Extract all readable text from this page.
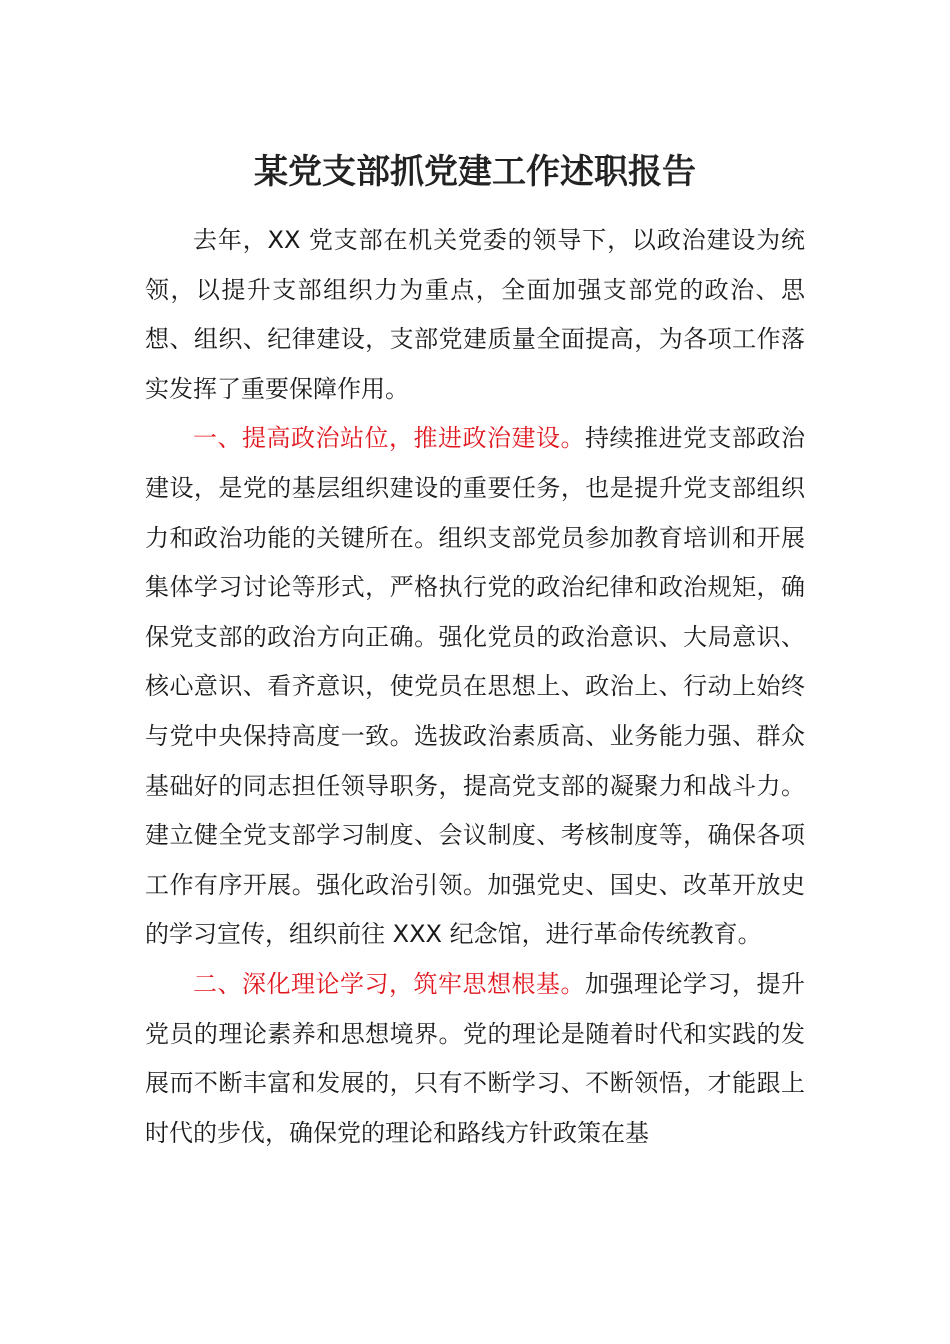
某党支部抓党建工作述职报告

去年，XX 党支部在机关党委的领导下，以政治建设为统领，以提升支部组织力为重点，全面加强支部党的政治、思想、组织、纪律建设，支部党建质量全面提高，为各项工作落实发挥了重要保障作用。

一、提高政治站位，推进政治建设。持续推进党支部政治建设，是党的基层组织建设的重要任务，也是提升党支部组织力和政治功能的关键所在。组织支部党员参加教育培训和开展集体学习讨论等形式，严格执行党的政治纪律和政治规矩，确保党支部的政治方向正确。强化党员的政治意识、大局意识、核心意识、看齐意识，使党员在思想上、政治上、行动上始终与党中央保持高度一致。选拔政治素质高、业务能力强、群众基础好的同志担任领导职务，提高党支部的凝聚力和战斗力。建立健全党支部学习制度、会议制度、考核制度等，确保各项工作有序开展。强化政治引领。加强党史、国史、改革开放史的学习宣传，组织前往 XXX 纪念馆，进行革命传统教育。

二、深化理论学习，筑牢思想根基。加强理论学习，提升党员的理论素养和思想境界。党的理论是随着时代和实践的发展而不断丰富和发展的，只有不断学习、不断领悟，才能跟上时代的步伐，确保党的理论和路线方针政策在基
